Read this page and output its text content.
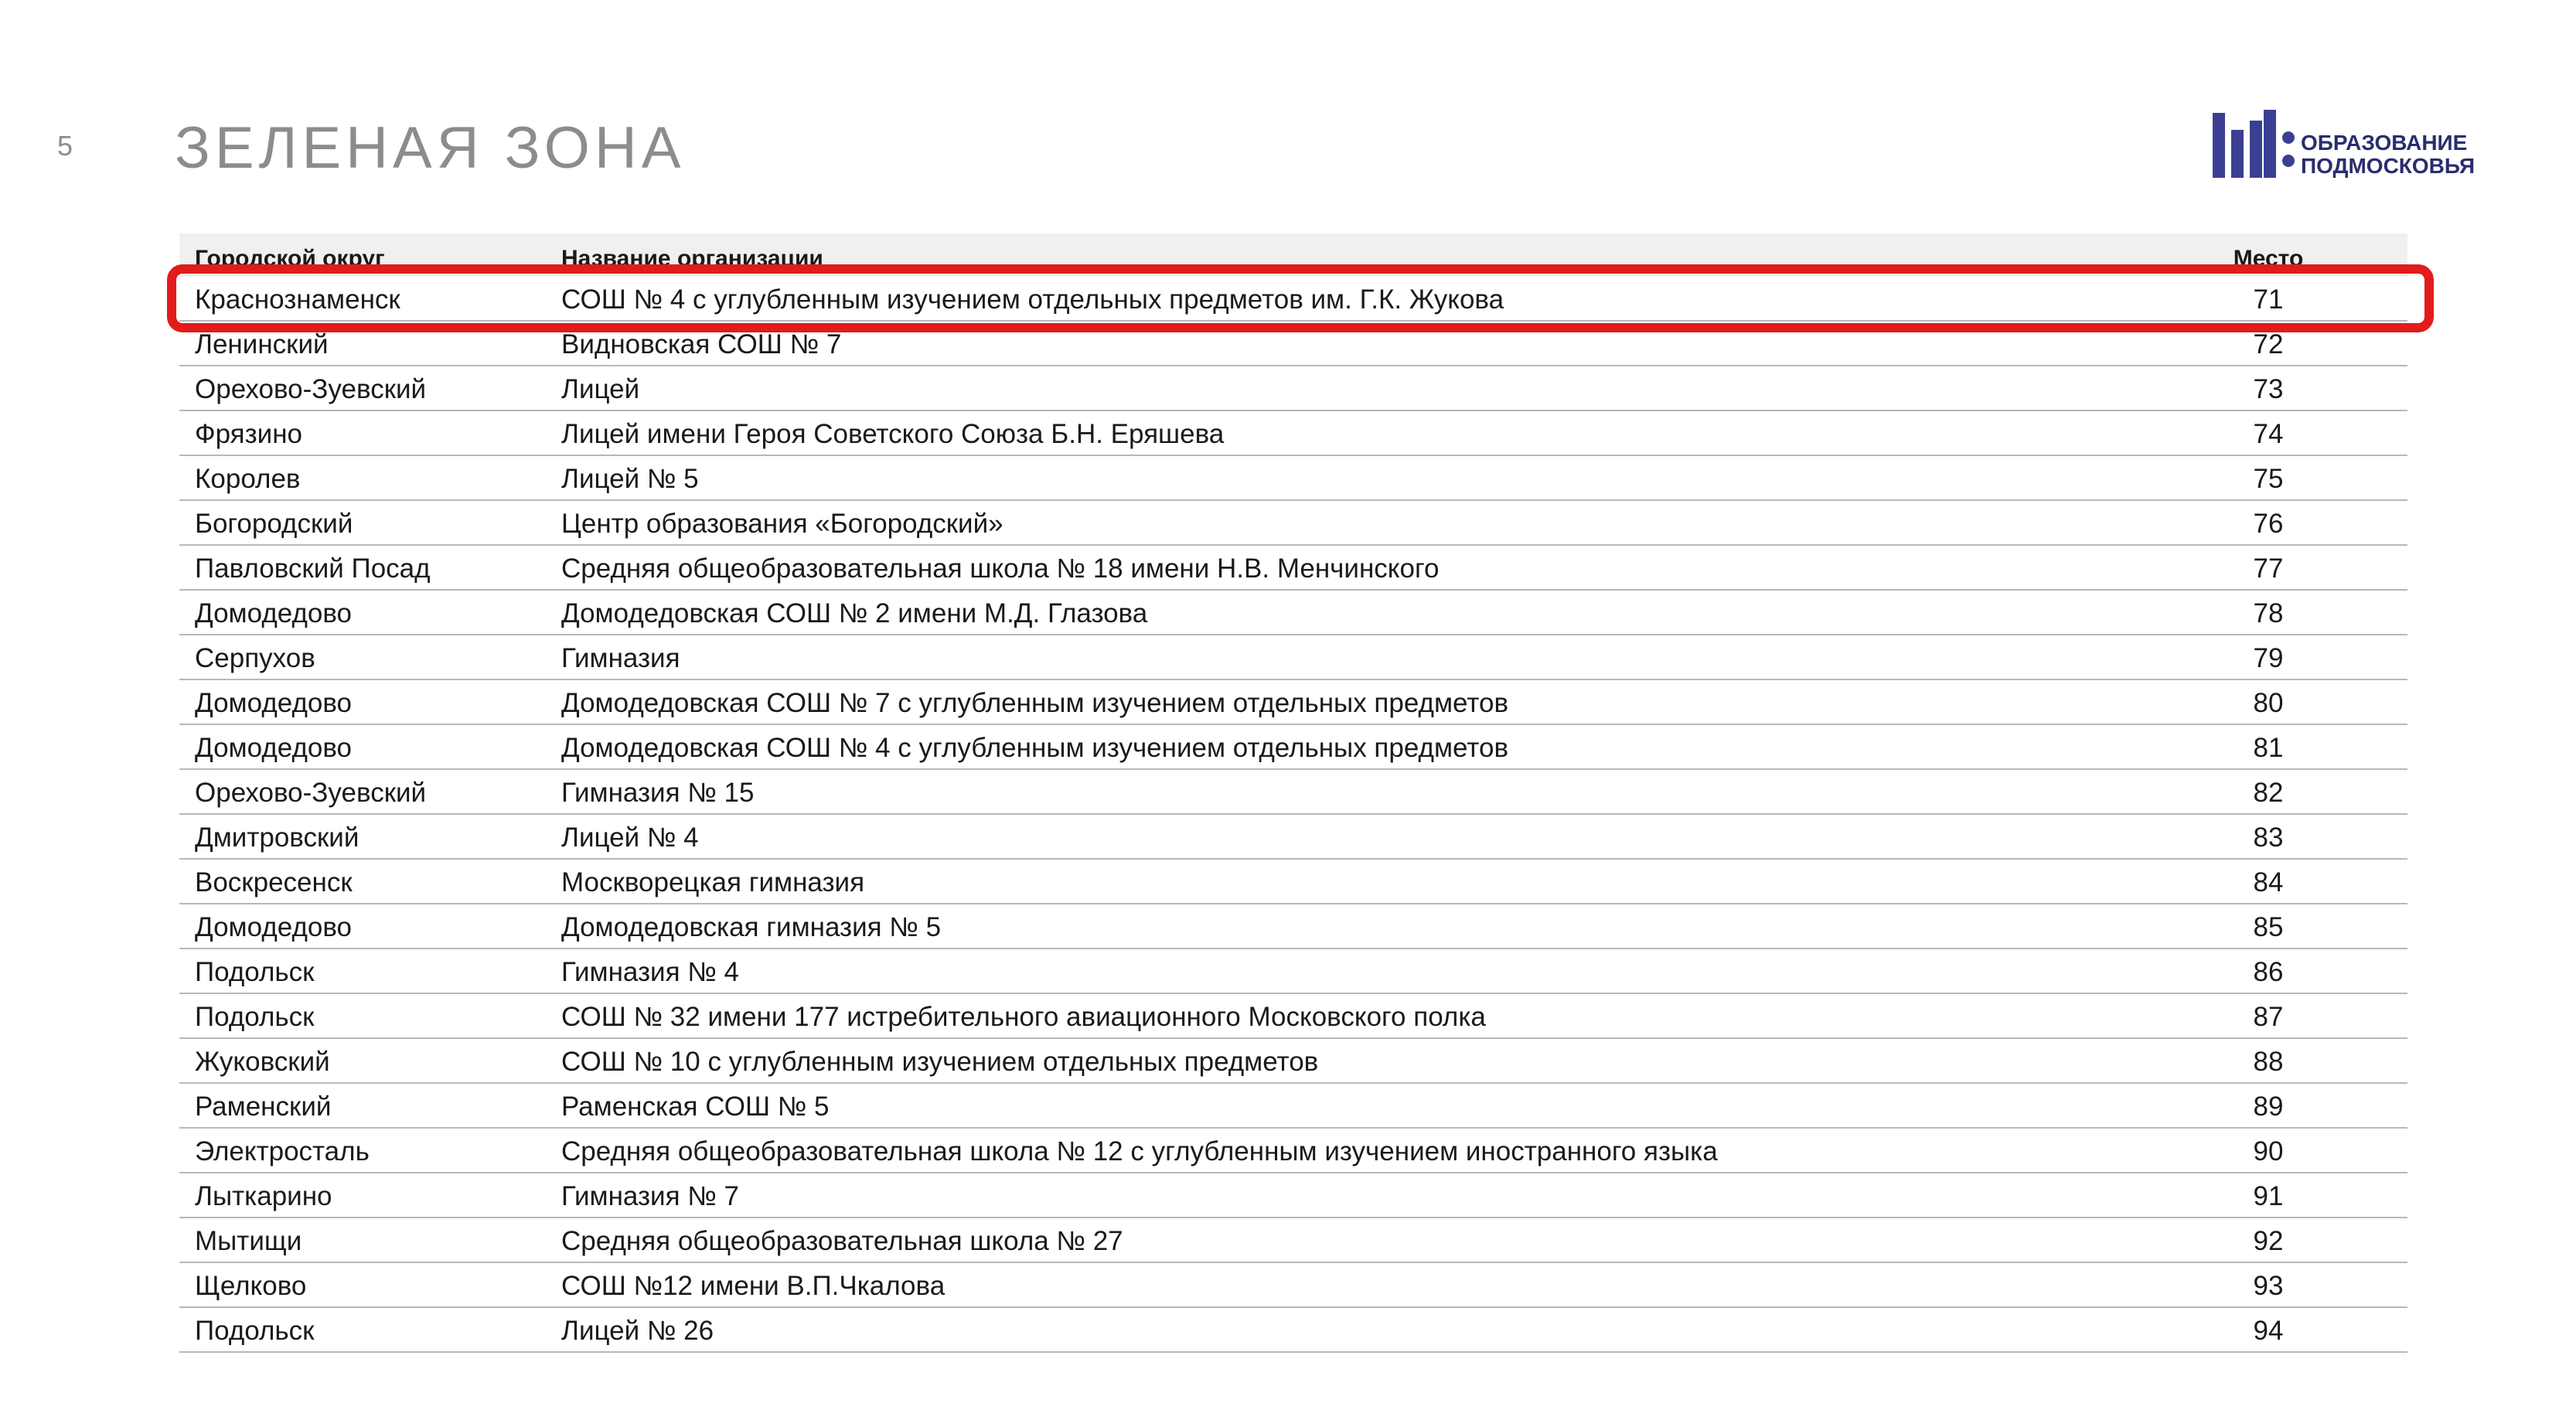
5 ЗЕЛЕНАЯ ЗОНА	ОБРАЗОВАНИЕ
ПОДМОСКОВЬЯ
Городской округ	Название организации	Место
Краснознаменск	СОШ № 4 с углубленным изучением отдельных предметов им. Г.К. Жукова	71
Ленинский	Видновская СОШ № 7	72
Орехово-Зуевский	Лицей	73
Фрязино	Лицей имени Героя Советского Союза Б.Н. Еряшева	74
Королев	Лицей № 5	75
Богородский	Центр образования «Богородский»	76
Павловский Посад	Средняя общеобразовательная школа № 18 имени Н.В. Менчинского	77
Домодедово	Домодедовская СОШ № 2 имени М.Д. Глазова	78
Серпухов	Гимназия	79
Домодедово	Домодедовская СОШ № 7 с углубленным изучением отдельных предметов	80
Домодедово	Домодедовская СОШ № 4 с углубленным изучением отдельных предметов	81
Орехово-Зуевский	Гимназия № 15	82
Дмитровский	Лицей № 4	83
Воскресенск	Москворецкая гимназия	84
Домодедово	Домодедовская гимназия № 5	85
Подольск	Гимназия № 4	86
Подольск	СОШ № 32 имени 177 истребительного авиационного Московского полка	87
Жуковский	СОШ № 10 с углубленным изучением отдельных предметов	88
Раменский	Раменская СОШ № 5	89
Электросталь	Средняя общеобразовательная школа № 12 с углубленным изучением иностранного языка	90
Лыткарино	Гимназия № 7	91
Мытищи	Средняя общеобразовательная школа № 27	92
Щелково	СОШ №12 имени В.П.Чкалова	93
Подольск	Лицей № 26	94
